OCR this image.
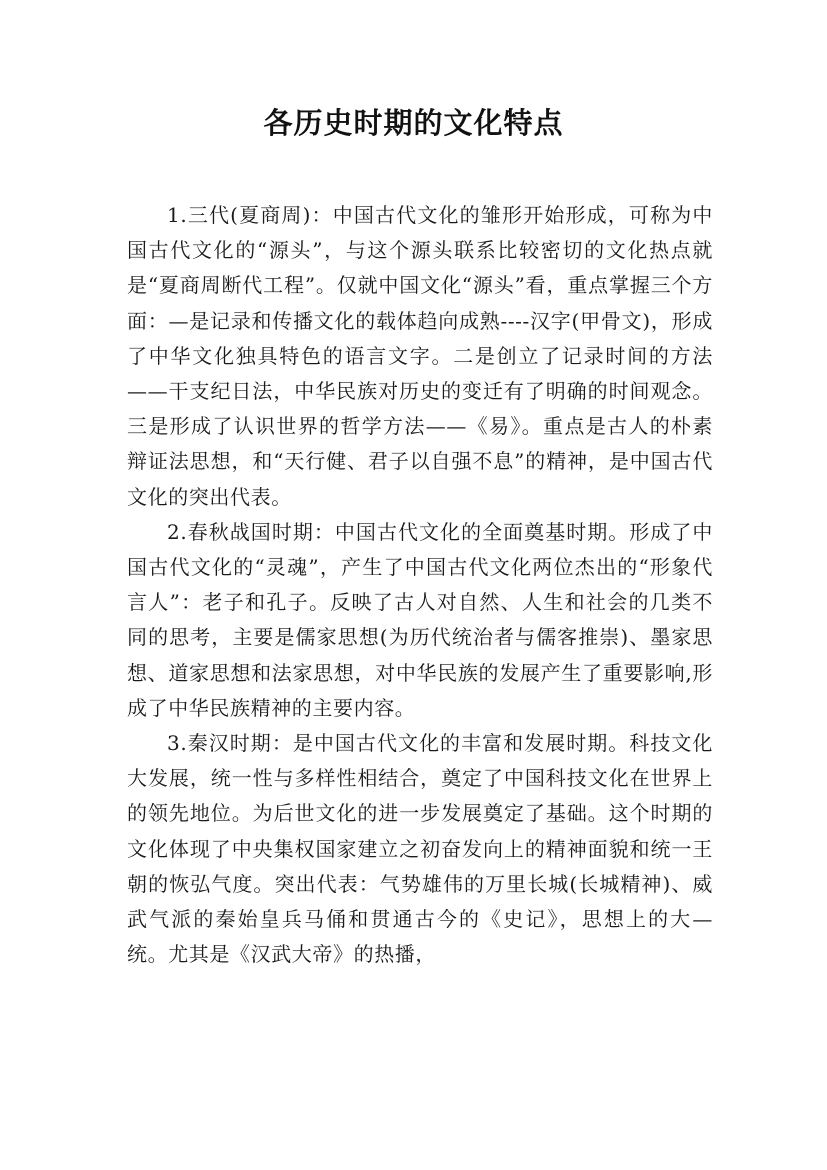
各历史时期的文化特点

1.三代(夏商周)：中国古代文化的雏形开始形成，可称为中国古代文化的“源头”，与这个源头联系比较密切的文化热点就是“夏商周断代工程”。仅就中国文化“源头”看，重点掌握三个方面：—是记录和传播文化的载体趋向成熟----汉字(甲骨文)，形成了中华文化独具特色的语言文字。二是创立了记录时间的方法——干支纪日法，中华民族对历史的变迁有了明确的时间观念。三是形成了认识世界的哲学方法——《易》。重点是古人的朴素辩证法思想，和“天行健、君子以自强不息”的精神，是中国古代文化的突出代表。

2.春秋战国时期：中国古代文化的全面奠基时期。形成了中国古代文化的“灵魂”，产生了中国古代文化两位杰出的“形象代言人”：老子和孔子。反映了古人对自然、人生和社会的几类不同的思考，主要是儒家思想(为历代统治者与儒客推崇)、墨家思想、道家思想和法家思想，对中华民族的发展产生了重要影响,形成了中华民族精神的主要内容。

3.秦汉时期：是中国古代文化的丰富和发展时期。科技文化大发展，统一性与多样性相结合，奠定了中国科技文化在世界上的领先地位。为后世文化的进一步发展奠定了基础。这个时期的文化体现了中央集权国家建立之初奋发向上的精神面貌和统一王朝的恢弘气度。突出代表：气势雄伟的万里长城(长城精神)、威武气派的秦始皇兵马俑和贯通古今的《史记》，思想上的大—统。尤其是《汉武大帝》的热播，
